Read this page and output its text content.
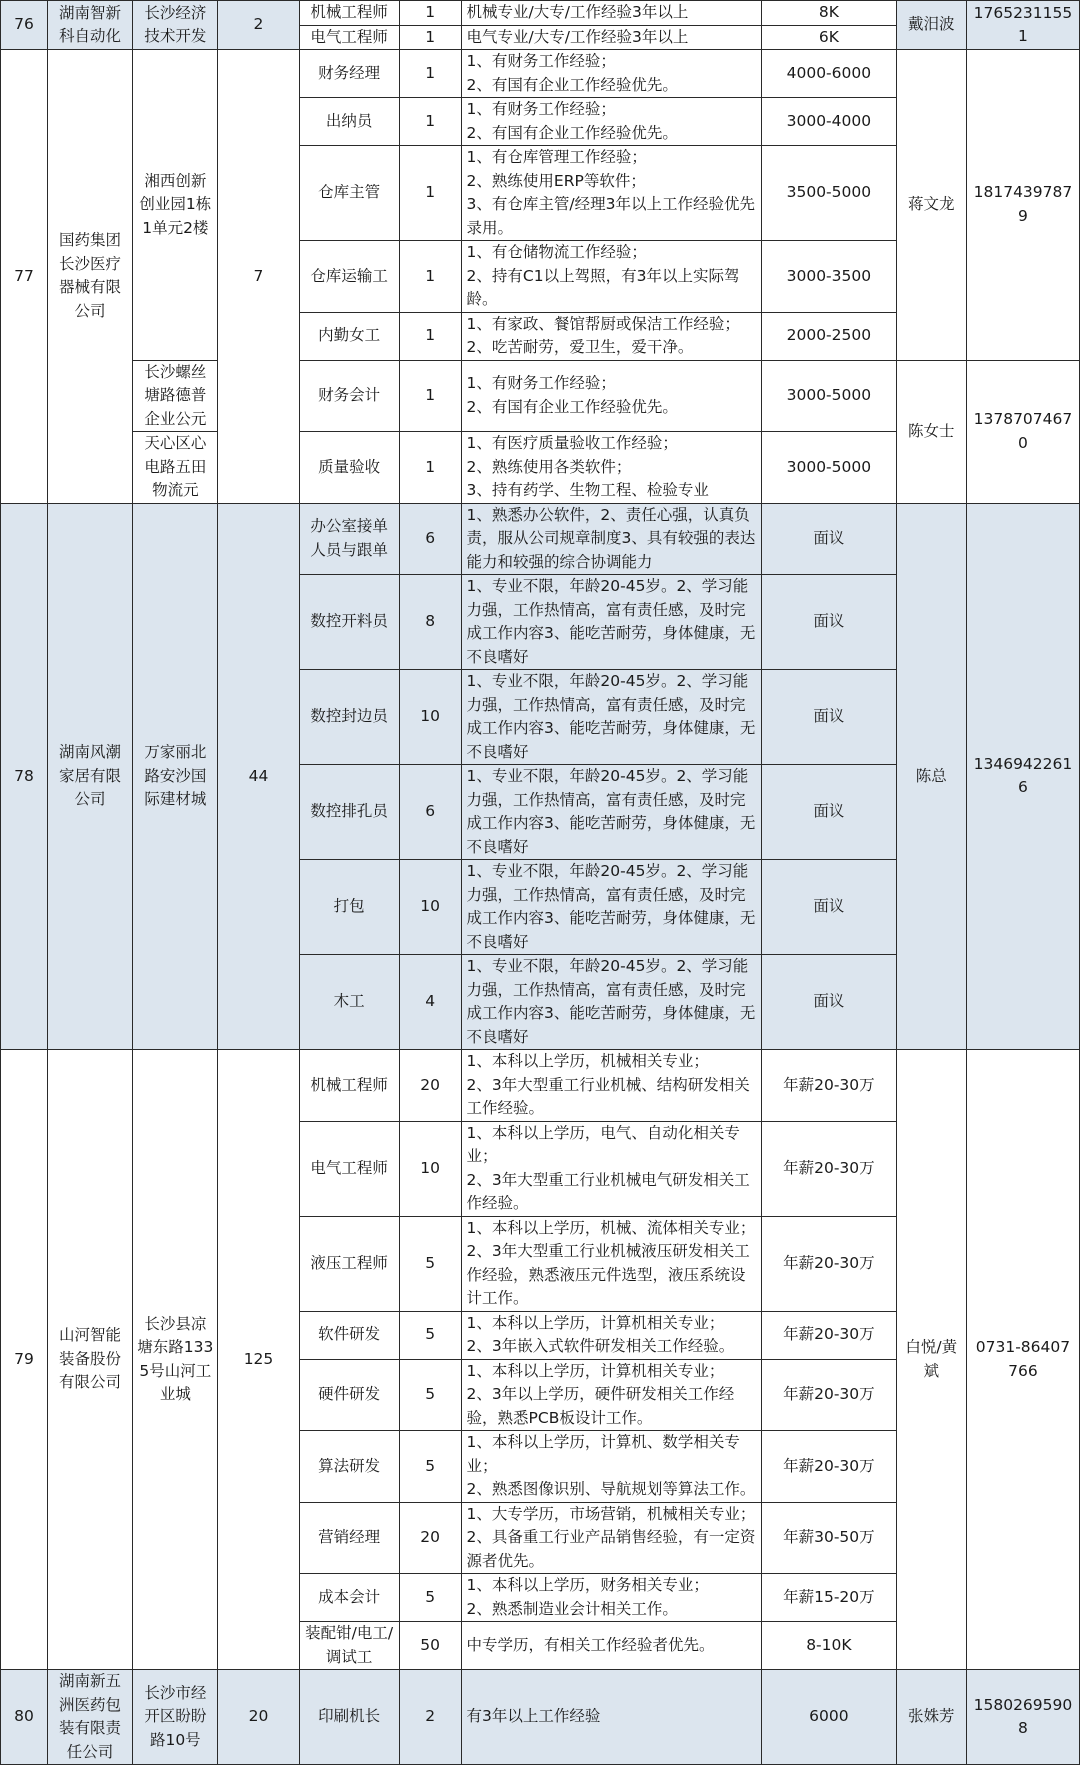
76	湖南智新科自动化	长沙经济技术开发	2	机械工程师	1	机械专业/大专/工作经验3年以上	8K	戴汨波	17652311551
				电气工程师	1	电气专业/大专/工作经验3年以上	6K		
77	国药集团长沙医疗器械有限公司	湘西创新创业园1栋1单元2楼	7	财务经理	1	1、有财务工作经验；
2、有国有企业工作经验优先。	4000-6000	蒋文龙	18174397879
				出纳员	1	1、有财务工作经验；
2、有国有企业工作经验优先。	3000-4000		
				仓库主管	1	1、有仓库管理工作经验；
2、熟练使用ERP等软件；
3、有仓库主管/经理3年以上工作经验优先录用。	3500-5000		
				仓库运输工	1	1、有仓储物流工作经验；
2、持有C1以上驾照，有3年以上实际驾龄。	3000-3500		
				内勤女工	1	1、有家政、餐馆帮厨或保洁工作经验；
2、吃苦耐劳，爱卫生，爱干净。	2000-2500		
		长沙螺丝塘路德普企业公元		财务会计	1	1、有财务工作经验；
2、有国有企业工作经验优先。	3000-5000	陈女士	13787074670
		天心区心电路五田物流元		质量验收	1	1、有医疗质量验收工作经验；
2、熟练使用各类软件；
3、持有药学、生物工程、检验专业	3000-5000		
78	湖南风潮家居有限公司	万家丽北路安沙国际建材城	44	办公室接单人员与跟单	6	1、熟悉办公软件，2、责任心强，认真负责，服从公司规章制度3、具有较强的表达能力和较强的综合协调能力	面议	陈总	13469422616
				数控开料员	8	1、专业不限，年龄20-45岁。2、学习能力强，工作热情高，富有责任感，及时完成工作内容3、能吃苦耐劳，身体健康，无不良嗜好	面议		
				数控封边员	10	1、专业不限，年龄20-45岁。2、学习能力强，工作热情高，富有责任感，及时完成工作内容3、能吃苦耐劳，身体健康，无不良嗜好	面议		
				数控排孔员	6	1、专业不限，年龄20-45岁。2、学习能力强，工作热情高，富有责任感，及时完成工作内容3、能吃苦耐劳，身体健康，无不良嗜好	面议		
				打包	10	1、专业不限，年龄20-45岁。2、学习能力强，工作热情高，富有责任感，及时完成工作内容3、能吃苦耐劳，身体健康，无不良嗜好	面议		
				木工	4	1、专业不限，年龄20-45岁。2、学习能力强，工作热情高，富有责任感，及时完成工作内容3、能吃苦耐劳，身体健康，无不良嗜好	面议		
79	山河智能装备股份有限公司	长沙县凉塘东路1335号山河工业城	125	机械工程师	20	1、本科以上学历，机械相关专业；
2、3年大型重工行业机械、结构研发相关工作经验。	年薪20-30万	白悦/黄斌	0731-86407766
				电气工程师	10	1、本科以上学历，电气、自动化相关专业；
2、3年大型重工行业机械电气研发相关工作经验。	年薪20-30万		
				液压工程师	5	1、本科以上学历，机械、流体相关专业；
2、3年大型重工行业机械液压研发相关工作经验，熟悉液压元件选型，液压系统设计工作。	年薪20-30万		
				软件研发	5	1、本科以上学历，计算机相关专业；
2、3年嵌入式软件研发相关工作经验。	年薪20-30万		
				硬件研发	5	1、本科以上学历，计算机相关专业；
2、3年以上学历，硬件研发相关工作经验，熟悉PCB板设计工作。	年薪20-30万		
				算法研发	5	1、本科以上学历，计算机、数学相关专业；
2、熟悉图像识别、导航规划等算法工作。	年薪20-30万		
				营销经理	20	1、大专学历，市场营销，机械相关专业；
2、具备重工行业产品销售经验，有一定资源者优先。	年薪30-50万		
				成本会计	5	1、本科以上学历，财务相关专业；
2、熟悉制造业会计相关工作。	年薪15-20万		
				装配钳/电工/调试工	50	中专学历，有相关工作经验者优先。	8-10K		
80	湖南新五洲医药包装有限责任公司	长沙市经开区盼盼路10号	20	印刷机长	2	有3年以上工作经验	6000	张姝芳	15802695908
